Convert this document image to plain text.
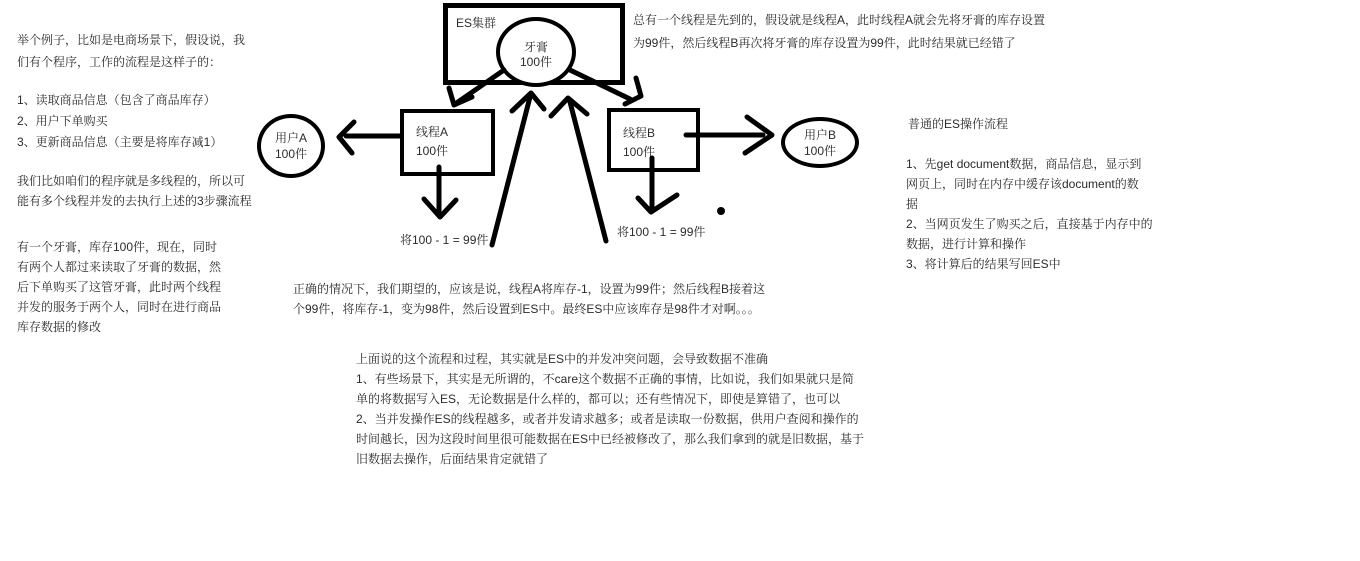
举个例子，比如是电商场景下，假设说，我
们有个程序，工作的流程是这样子的：
1、读取商品信息（包含了商品库存）
2、用户下单购买
3、更新商品信息（主要是将库存减1）
我们比如咱们的程序就是多线程的，所以可
能有多个线程并发的去执行上述的3步骤流程
有一个牙膏，库存100件，现在，同时
有两个人都过来读取了牙膏的数据，然
后下单购买了这管牙膏，此时两个线程
并发的服务于两个人，同时在进行商品
库存数据的修改
总有一个线程是先到的，假设就是线程A，此时线程A就会先将牙膏的库存设置
为99件，然后线程B再次将牙膏的库存设置为99件，此时结果就已经错了
正确的情况下，我们期望的，应该是说，线程A将库存-1，设置为99件；然后线程B接着这
个99件，将库存-1，变为98件，然后设置到ES中。最终ES中应该库存是98件才对啊。。。
上面说的这个流程和过程，其实就是ES中的并发冲突问题，会导致数据不准确
1、有些场景下，其实是无所谓的，不care这个数据不正确的事情，比如说，我们如果就只是简
单的将数据写入ES，无论数据是什么样的，都可以；还有些情况下，即使是算错了，也可以
2、当并发操作ES的线程越多，或者并发请求越多；或者是读取一份数据，供用户查阅和操作的
时间越长，因为这段时间里很可能数据在ES中已经被修改了，那么我们拿到的就是旧数据，基于
旧数据去操作，后面结果肯定就错了
普通的ES操作流程
1、先get document数据，商品信息，显示到
网页上，同时在内存中缓存该document的数
据
2、当网页发生了购买之后，直接基于内存中的
数据，进行计算和操作
3、将计算后的结果写回ES中
ES集群
牙膏
100件
线程A
100件
线程B
100件
用户A
100件
用户B
100件
将100 - 1 = 99件
将100 - 1 = 99件
